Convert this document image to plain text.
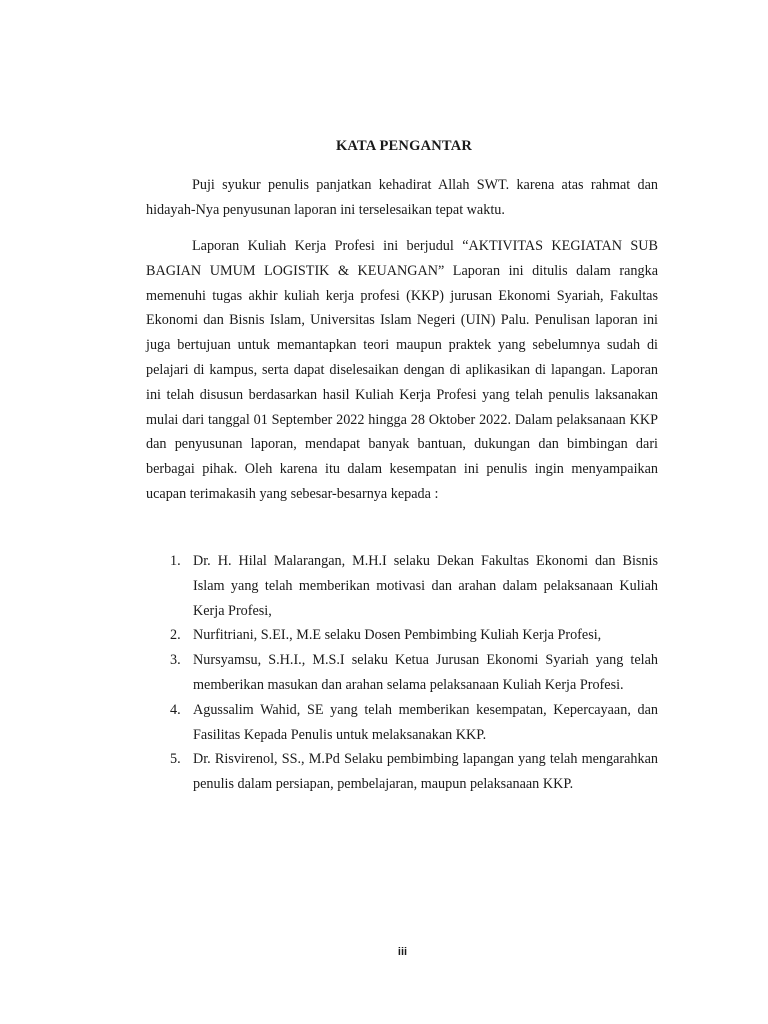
KATA PENGANTAR

Puji syukur penulis panjatkan kehadirat Allah SWT. karena atas rahmat dan hidayah-Nya penyusunan laporan ini terselesaikan tepat waktu.

Laporan Kuliah Kerja Profesi ini berjudul “AKTIVITAS KEGIATAN SUB BAGIAN UMUM LOGISTIK & KEUANGAN” Laporan ini ditulis dalam rangka memenuhi tugas akhir kuliah kerja profesi (KKP) jurusan Ekonomi Syariah, Fakultas Ekonomi dan Bisnis Islam, Universitas Islam Negeri (UIN) Palu. Penulisan laporan ini juga bertujuan untuk memantapkan teori maupun praktek yang sebelumnya sudah di pelajari di kampus, serta dapat diselesaikan dengan di aplikasikan di lapangan. Laporan ini telah disusun berdasarkan hasil Kuliah Kerja Profesi yang telah penulis laksanakan mulai dari tanggal 01 September 2022 hingga 28 Oktober 2022. Dalam pelaksanaan KKP dan penyusunan laporan, mendapat banyak bantuan, dukungan dan bimbingan dari berbagai pihak. Oleh karena itu dalam kesempatan ini penulis ingin menyampaikan ucapan terimakasih yang sebesar-besarnya kepada :

1. Dr. H. Hilal Malarangan, M.H.I selaku Dekan Fakultas Ekonomi dan Bisnis Islam yang telah memberikan motivasi dan arahan dalam pelaksanaan Kuliah Kerja Profesi,
2. Nurfitriani, S.EI., M.E selaku Dosen Pembimbing Kuliah Kerja Profesi,
3. Nursyamsu, S.H.I., M.S.I selaku Ketua Jurusan Ekonomi Syariah yang telah memberikan masukan dan arahan selama pelaksanaan Kuliah Kerja Profesi.
4. Agussalim Wahid, SE yang telah memberikan kesempatan, Kepercayaan, dan Fasilitas Kepada Penulis untuk melaksanakan KKP.
5. Dr. Risvirenol, SS., M.Pd Selaku pembimbing lapangan yang telah mengarahkan penulis dalam persiapan, pembelajaran, maupun pelaksanaan KKP.
iii
